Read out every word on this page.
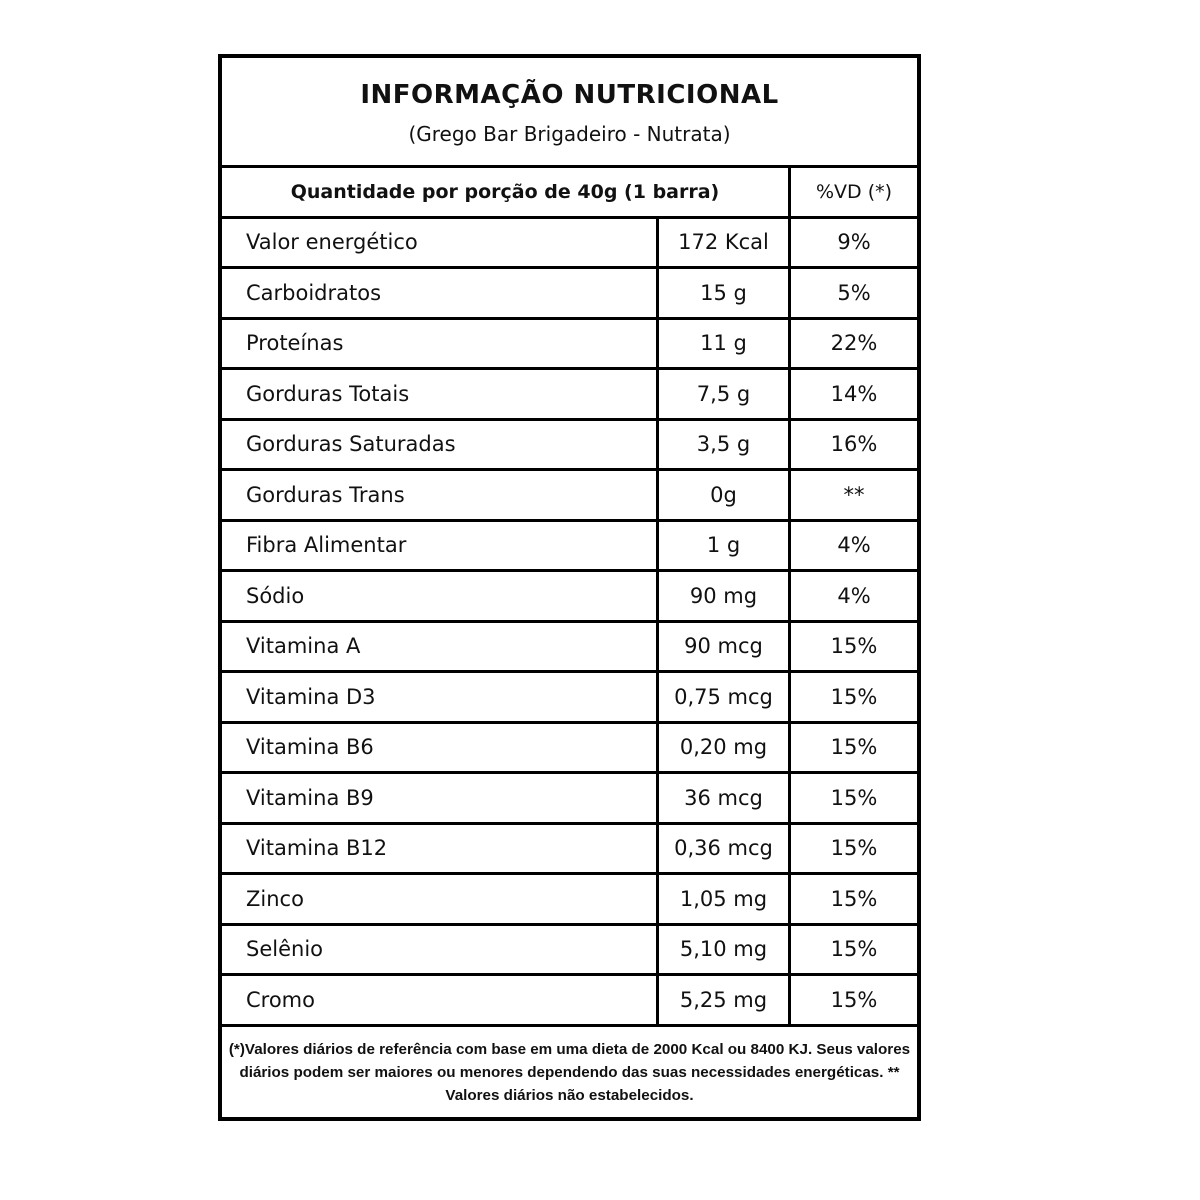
INFORMAÇÃO NUTRICIONAL
(Grego Bar Brigadeiro - Nutrata)
Quantidade por porção de 40g (1 barra)	%VD (*)
Valor energético	172 Kcal	9%
Carboidratos	15 g	5%
Proteínas	11 g	22%
Gorduras Totais	7,5 g	14%
Gorduras Saturadas	3,5 g	16%
Gorduras Trans	0g	**
Fibra Alimentar	1 g	4%
Sódio	90 mg	4%
Vitamina A	90 mcg	15%
Vitamina D3	0,75 mcg	15%
Vitamina B6	0,20 mg	15%
Vitamina B9	36 mcg	15%
Vitamina B12	0,36 mcg	15%
Zinco	1,05 mg	15%
Selênio	5,10 mg	15%
Cromo	5,25 mg	15%
(*)Valores diários de referência com base em uma dieta de 2000 Kcal ou 8400 KJ. Seus valores
diários podem ser maiores ou menores dependendo das suas necessidades energéticas. **
Valores diários não estabelecidos.
